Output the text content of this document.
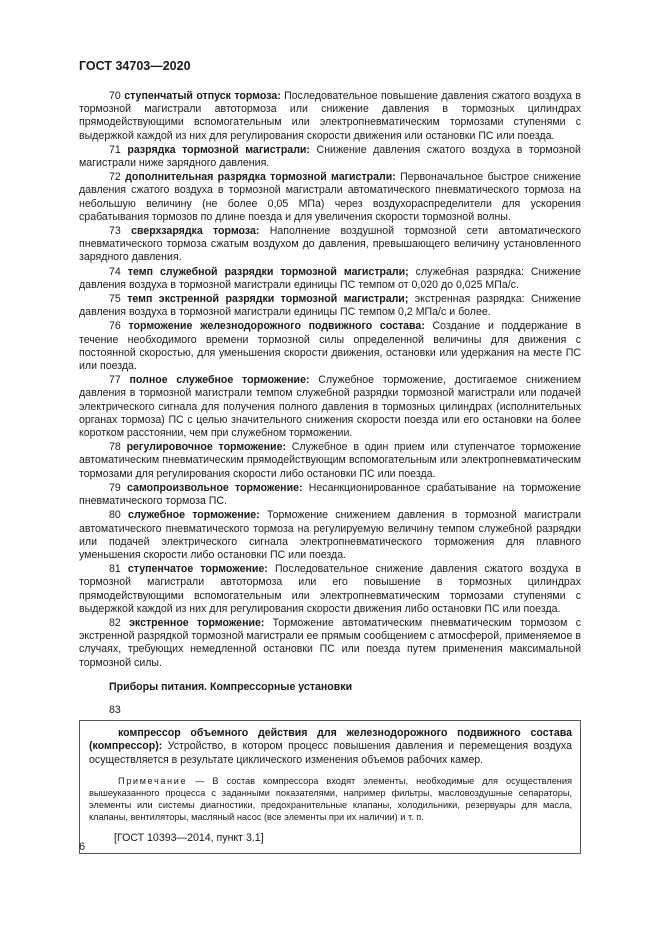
ГОСТ 34703—2020

70 ступенчатый отпуск тормоза: Последовательное повышение давления сжатого воздуха в тормозной магистрали автотормоза или снижение давления в тормозных цилиндрах прямодействующими вспомогательным или электропневматическим тормозами ступенями с выдержкой каждой из них для регулирования скорости движения или остановки ПС или поезда.

71 разрядка тормозной магистрали: Снижение давления сжатого воздуха в тормозной магистрали ниже зарядного давления.

72 дополнительная разрядка тормозной магистрали: Первоначальное быстрое снижение давления сжатого воздуха в тормозной магистрали автоматического пневматического тормоза на небольшую величину (не более 0,05 МПа) через воздухораспределители для ускорения срабатывания тормозов по длине поезда и для увеличения скорости тормозной волны.

73 сверхзарядка тормоза: Наполнение воздушной тормозной сети автоматического пневматического тормоза сжатым воздухом до давления, превышающего величину установленного зарядного давления.

74 темп служебной разрядки тормозной магистрали; служебная разрядка: Снижение давления воздуха в тормозной магистрали единицы ПС темпом от 0,020 до 0,025 МПа/с.

75 темп экстренной разрядки тормозной магистрали; экстренная разрядка: Снижение давления воздуха в тормозной магистрали единицы ПС темпом 0,2 МПа/с и более.

76 торможение железнодорожного подвижного состава: Создание и поддержание в течение необходимого времени тормозной силы определенной величины для движения с постоянной скоростью, для уменьшения скорости движения, остановки или удержания на месте ПС или поезда.

77 полное служебное торможение: Служебное торможение, достигаемое снижением давления в тормозной магистрали темпом служебной разрядки тормозной магистрали или подачей электрического сигнала для получения полного давления в тормозных цилиндрах (исполнительных органах тормоза) ПС с целью значительного снижения скорости поезда или его остановки на более коротком расстоянии, чем при служебном торможении.

78 регулировочное торможение: Служебное в один прием или ступенчатое торможение автоматическим пневматическим прямодействующим вспомогательным или электропневматическим тормозами для регулирования скорости либо остановки ПС или поезда.

79 самопроизвольное торможение: Несанкционированное срабатывание на торможение пневматического тормоза ПС.

80 служебное торможение: Торможение снижением давления в тормозной магистрали автоматического пневматического тормоза на регулируемую величину темпом служебной разрядки или подачей электрического сигнала электропневматического торможения для плавного уменьшения скорости либо остановки ПС или поезда.

81 ступенчатое торможение: Последовательное снижение давления сжатого воздуха в тормозной магистрали автотормоза или его повышение в тормозных цилиндрах прямодействующими вспомогательным или электропневматическим тормозами ступенями с выдержкой каждой из них для регулирования скорости движения либо остановки ПС или поезда.

82 экстренное торможение: Торможение автоматическим пневматическим тормозом с экстренной разрядкой тормозной магистрали ее прямым сообщением с атмосферой, применяемое в случаях, требующих немедленной остановки ПС или поезда путем применения максимальной тормозной силы.

Приборы питания. Компрессорные установки
83

компрессор объемного действия для железнодорожного подвижного состава (компрессор): Устройство, в котором процесс повышения давления и перемещения воздуха осуществляется в результате циклического изменения объемов рабочих камер.

Примечание — В состав компрессора входят элементы, необходимые для осуществления вышеуказанного процесса с заданными показателями, например фильтры, масловоздушные сепараторы, элементы или системы диагностики, предохранительные клапаны, холодильники, резервуары для масла, клапаны, вентиляторы, масляный насос (все элементы при их наличии) и т. п.

[ГОСТ 10393—2014, пункт 3.1]
6
